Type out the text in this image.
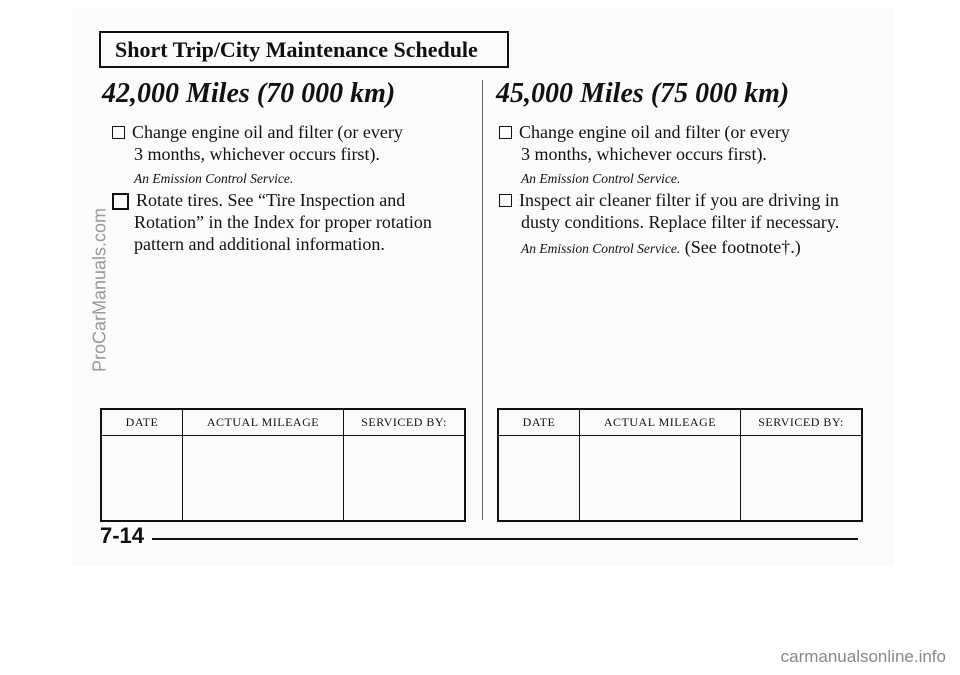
Short Trip/City Maintenance Schedule
42,000 Miles (70 000 km)
Change engine oil and filter (or every
3 months, whichever occurs first).
An Emission Control Service.
Rotate tires. See “Tire Inspection and
Rotation” in the Index for proper rotation
pattern and additional information.
DATE	ACTUAL MILEAGE	SERVICED BY:

45,000 Miles (75 000 km)
Change engine oil and filter (or every
3 months, whichever occurs first).
An Emission Control Service.
Inspect air cleaner filter if you are driving in
dusty conditions. Replace filter if necessary.
An Emission Control Service. (See footnote†.)
DATE	ACTUAL MILEAGE	SERVICED BY:

7-14
ProCarManuals.com
carmanualsonline.info
